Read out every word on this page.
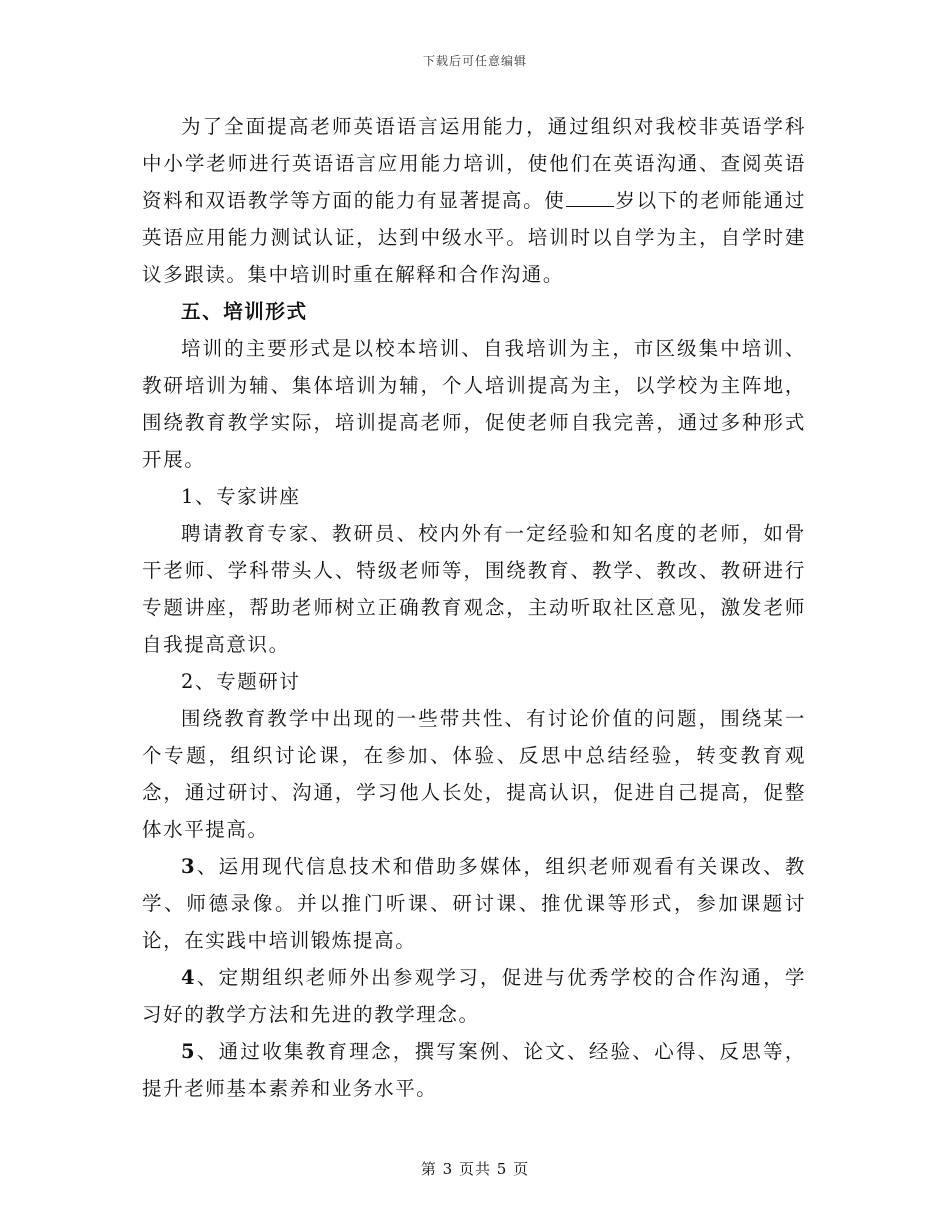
下载后可任意编辑

为了全面提高老师英语语言运用能力，通过组织对我校非英语学科中小学老师进行英语语言应用能力培训，使他们在英语沟通、查阅英语资料和双语教学等方面的能力有显著提高。使	岁以下的老师能通过英语应用能力测试认证，达到中级水平。培训时以自学为主，自学时建议多跟读。集中培训时重在解释和合作沟通。

五、培训形式

培训的主要形式是以校本培训、自我培训为主，市区级集中培训、教研培训为辅、集体培训为辅，个人培训提高为主，以学校为主阵地，围绕教育教学实际，培训提高老师，促使老师自我完善，通过多种形式开展。

1、专家讲座

聘请教育专家、教研员、校内外有一定经验和知名度的老师，如骨干老师、学科带头人、特级老师等，围绕教育、教学、教改、教研进行专题讲座，帮助老师树立正确教育观念，主动听取社区意见，激发老师自我提高意识。

2、专题研讨

围绕教育教学中出现的一些带共性、有讨论价值的问题，围绕某一个专题，组织讨论课，在参加、体验、反思中总结经验，转变教育观念，通过研讨、沟通，学习他人长处，提高认识，促进自己提高，促整体水平提高。

3、运用现代信息技术和借助多媒体，组织老师观看有关课改、教学、师德录像。并以推门听课、研讨课、推优课等形式，参加课题讨论，在实践中培训锻炼提高。

4、定期组织老师外出参观学习，促进与优秀学校的合作沟通，学习好的教学方法和先进的教学理念。

5、通过收集教育理念，撰写案例、论文、经验、心得、反思等，提升老师基本素养和业务水平。

第 3 页共 5 页
